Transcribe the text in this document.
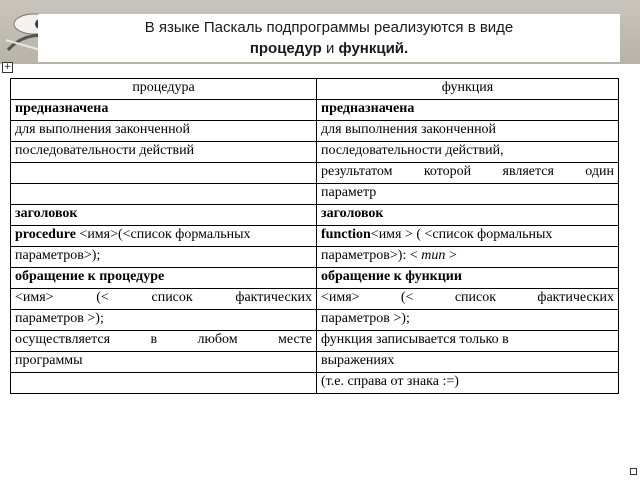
В языке Паскаль подпрограммы реализуются в виде
процедур и функций.
+
процедура	функция
предназначена	предназначена
для выполнения законченной	для выполнения законченной
последовательности действий	последовательности действий,
	результатом которой является один
	параметр
заголовок	заголовок
procedure <имя>(<список формальных	function<имя > ( <список формальных
параметров>);	параметров>): < тип >
обращение к процедуре	обращение к функции
<имя> (< список фактических	<имя> (< список фактических
параметров >);	параметров >);
осуществляется в любом месте	функция записывается только в
программы	выражениях
	(т.е. справа от знака :=)
